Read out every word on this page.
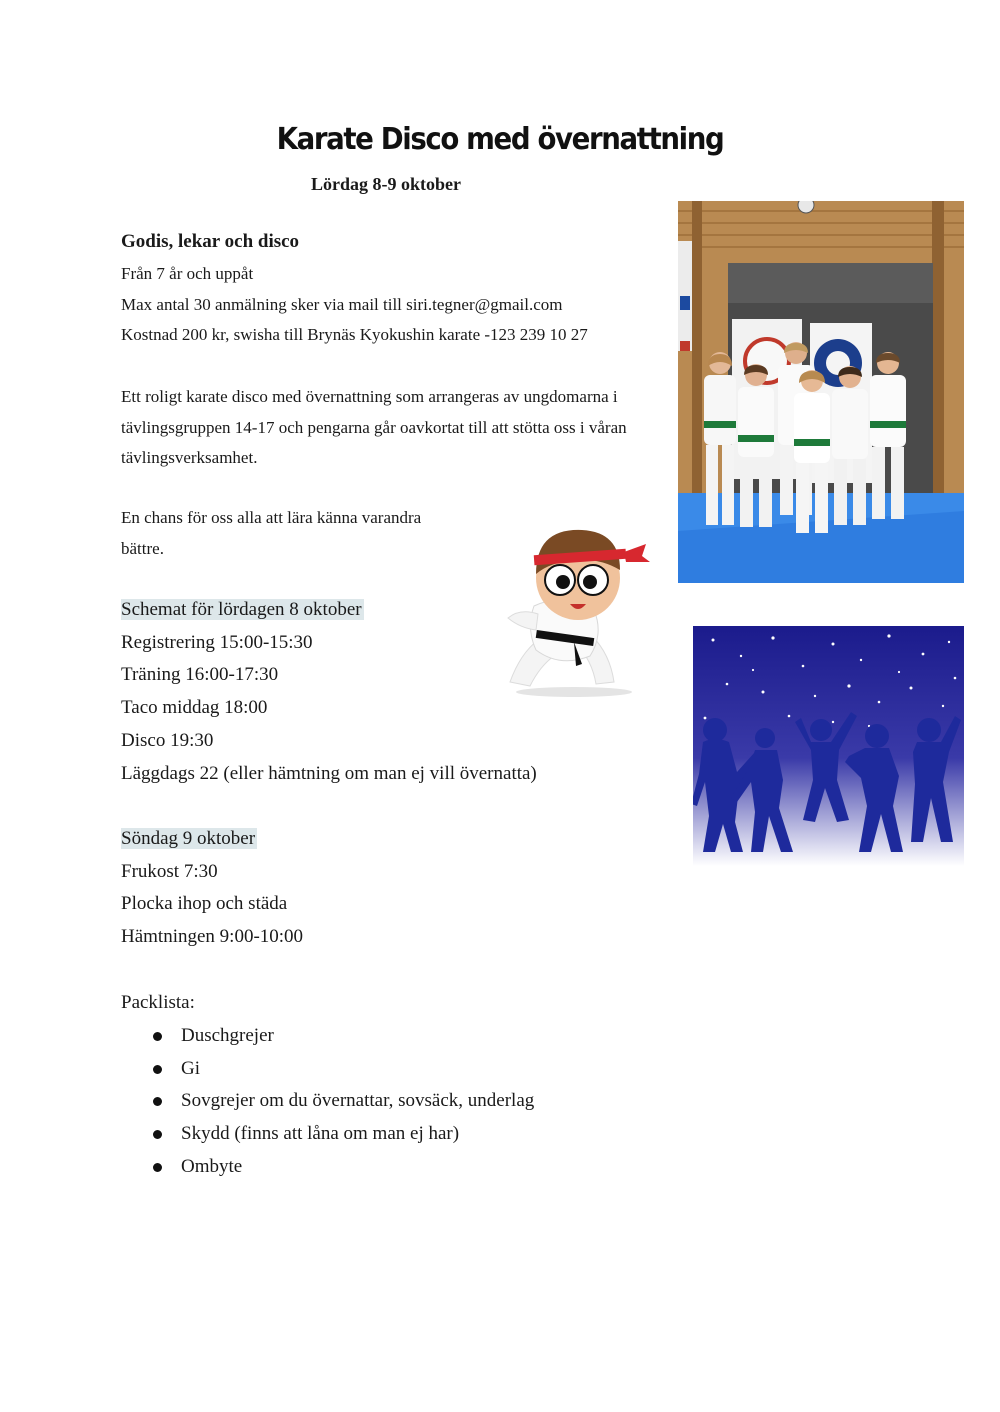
Karate Disco med övernattning
Lördag 8-9 oktober
Godis, lekar och disco
Från 7 år och uppåt
Max antal 30 anmälning sker via mail till siri.tegner@gmail.com
Kostnad 200 kr, swisha till Brynäs Kyokushin karate -123 239 10 27
Ett roligt karate disco med övernattning som arrangeras av ungdomarna i tävlingsgruppen 14-17 och pengarna går oavkortat till att stötta oss i våran tävlingsverksamhet.
En chans för oss alla att lära känna varandra bättre.
Schemat för lördagen 8 oktober
Registrering 15:00-15:30
Träning 16:00-17:30
Taco middag 18:00
Disco 19:30
Läggdags 22 (eller hämtning om man ej vill övernatta)
Söndag 9 oktober
Frukost 7:30
Plocka ihop och städa
Hämtningen 9:00-10:00
Packlista:
Duschgrejer
Gi
Sovgrejer om du övernattar, sovsäck, underlag
Skydd (finns att låna om man ej har)
Ombyte
